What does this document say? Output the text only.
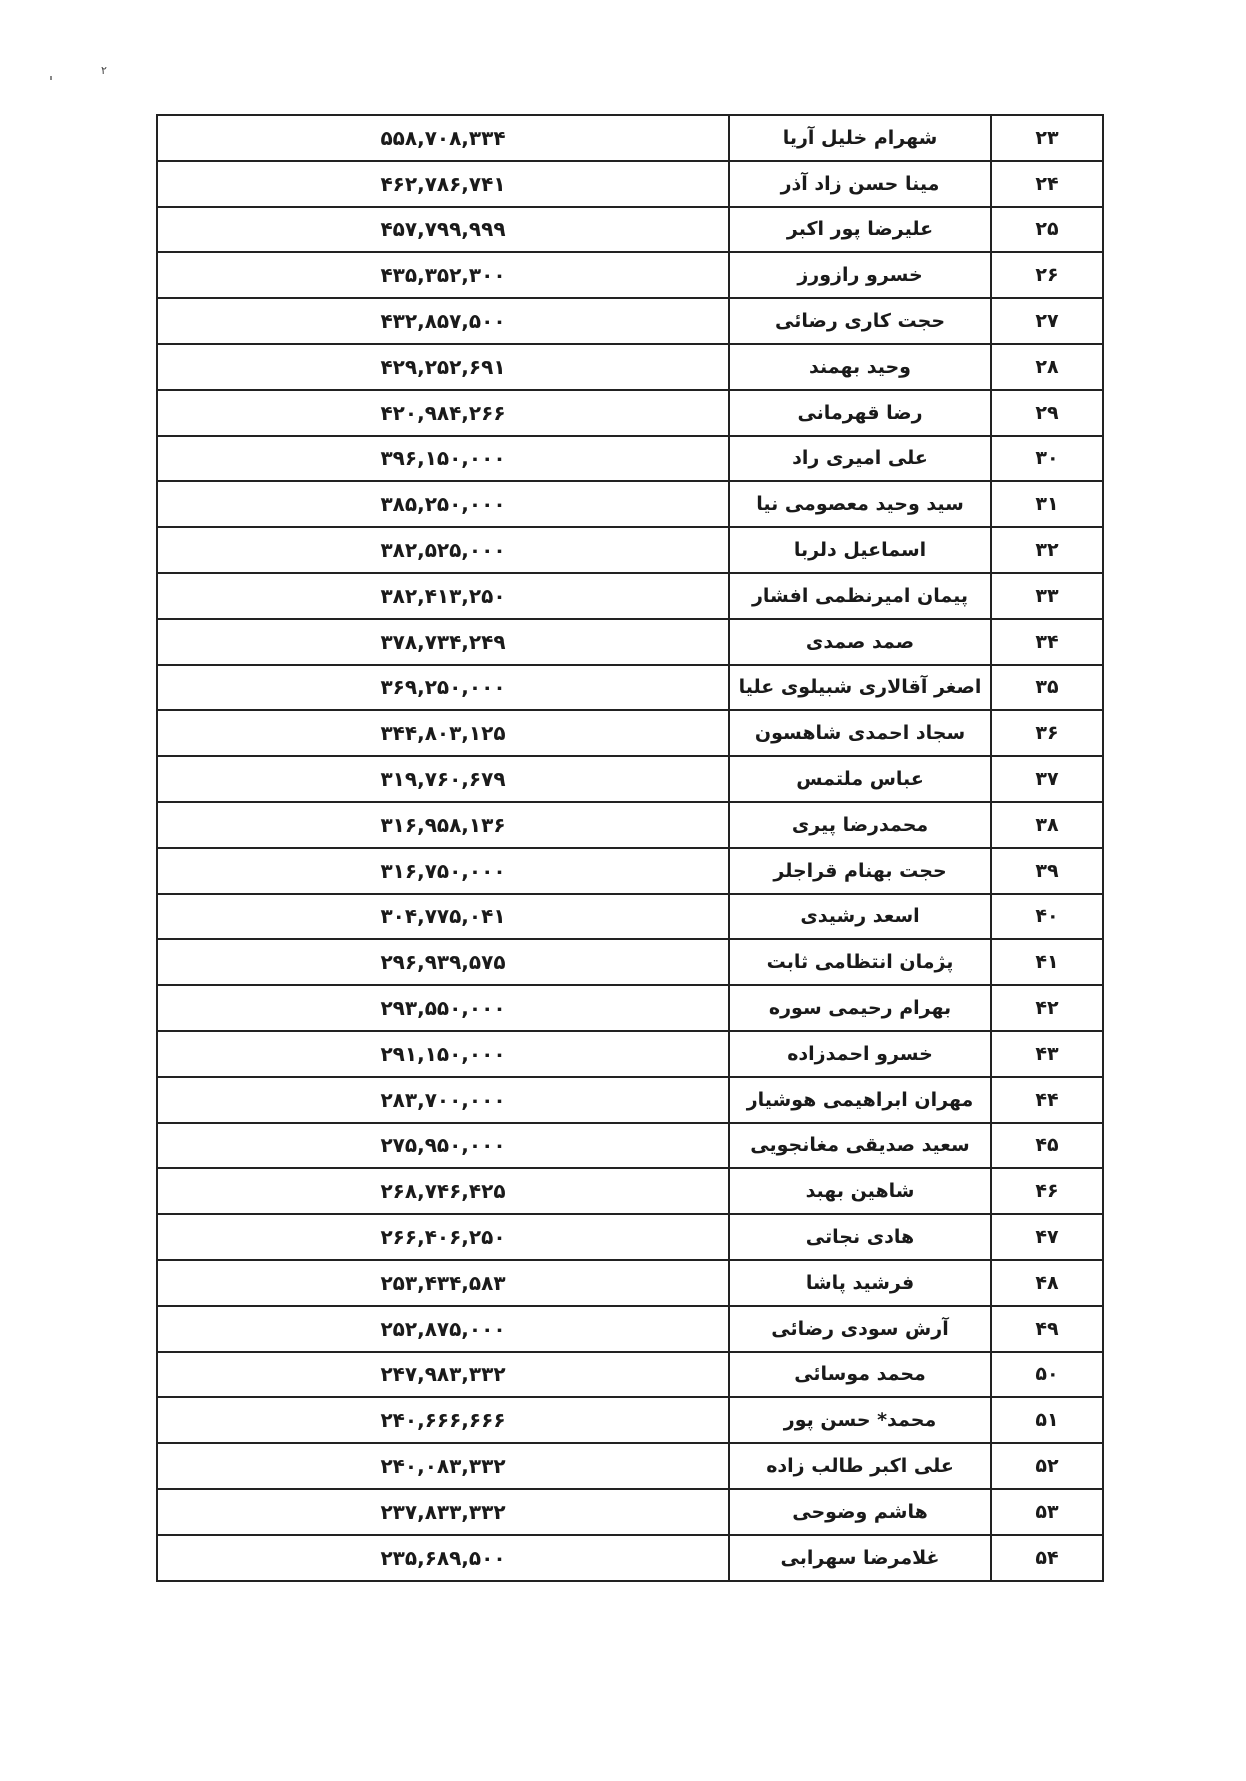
۲
۲۳
شهرام خلیل آریا
۵۵۸,۷۰۸,۳۳۴
۲۴
مینا حسن زاد آذر
۴۶۲,۷۸۶,۷۴۱
۲۵
علیرضا پور اکبر
۴۵۷,۷۹۹,۹۹۹
۲۶
خسرو رازورز
۴۳۵,۳۵۲,۳۰۰
۲۷
حجت کاری رضائی
۴۳۲,۸۵۷,۵۰۰
۲۸
وحید بهمند
۴۲۹,۲۵۲,۶۹۱
۲۹
رضا قهرمانی
۴۲۰,۹۸۴,۲۶۶
۳۰
علی امیری راد
۳۹۶,۱۵۰,۰۰۰
۳۱
سید وحید معصومی نیا
۳۸۵,۲۵۰,۰۰۰
۳۲
اسماعیل دلربا
۳۸۲,۵۲۵,۰۰۰
۳۳
پیمان امیرنظمی افشار
۳۸۲,۴۱۳,۲۵۰
۳۴
صمد صمدی
۳۷۸,۷۳۴,۲۴۹
۳۵
اصغر آقالاری شبیلوی علیا
۳۶۹,۲۵۰,۰۰۰
۳۶
سجاد احمدی شاهسون
۳۴۴,۸۰۳,۱۲۵
۳۷
عباس ملتمس
۳۱۹,۷۶۰,۶۷۹
۳۸
محمدرضا پیری
۳۱۶,۹۵۸,۱۳۶
۳۹
حجت بهنام قراجلر
۳۱۶,۷۵۰,۰۰۰
۴۰
اسعد رشیدی
۳۰۴,۷۷۵,۰۴۱
۴۱
پژمان انتظامی ثابت
۲۹۶,۹۳۹,۵۷۵
۴۲
بهرام رحیمی سوره
۲۹۳,۵۵۰,۰۰۰
۴۳
خسرو احمدزاده
۲۹۱,۱۵۰,۰۰۰
۴۴
مهران ابراهیمی هوشیار
۲۸۳,۷۰۰,۰۰۰
۴۵
سعید صدیقی مغانجویی
۲۷۵,۹۵۰,۰۰۰
۴۶
شاهین بهبد
۲۶۸,۷۴۶,۴۲۵
۴۷
هادی نجاتی
۲۶۶,۴۰۶,۲۵۰
۴۸
فرشید پاشا
۲۵۳,۴۳۴,۵۸۳
۴۹
آرش سودی رضائی
۲۵۲,۸۷۵,۰۰۰
۵۰
محمد موسائی
۲۴۷,۹۸۳,۳۳۲
۵۱
محمد* حسن پور
۲۴۰,۶۶۶,۶۶۶
۵۲
علی اکبر طالب زاده
۲۴۰,۰۸۳,۳۳۲
۵۳
هاشم وضوحی
۲۳۷,۸۳۳,۳۳۲
۵۴
غلامرضا سهرابی
۲۳۵,۶۸۹,۵۰۰
